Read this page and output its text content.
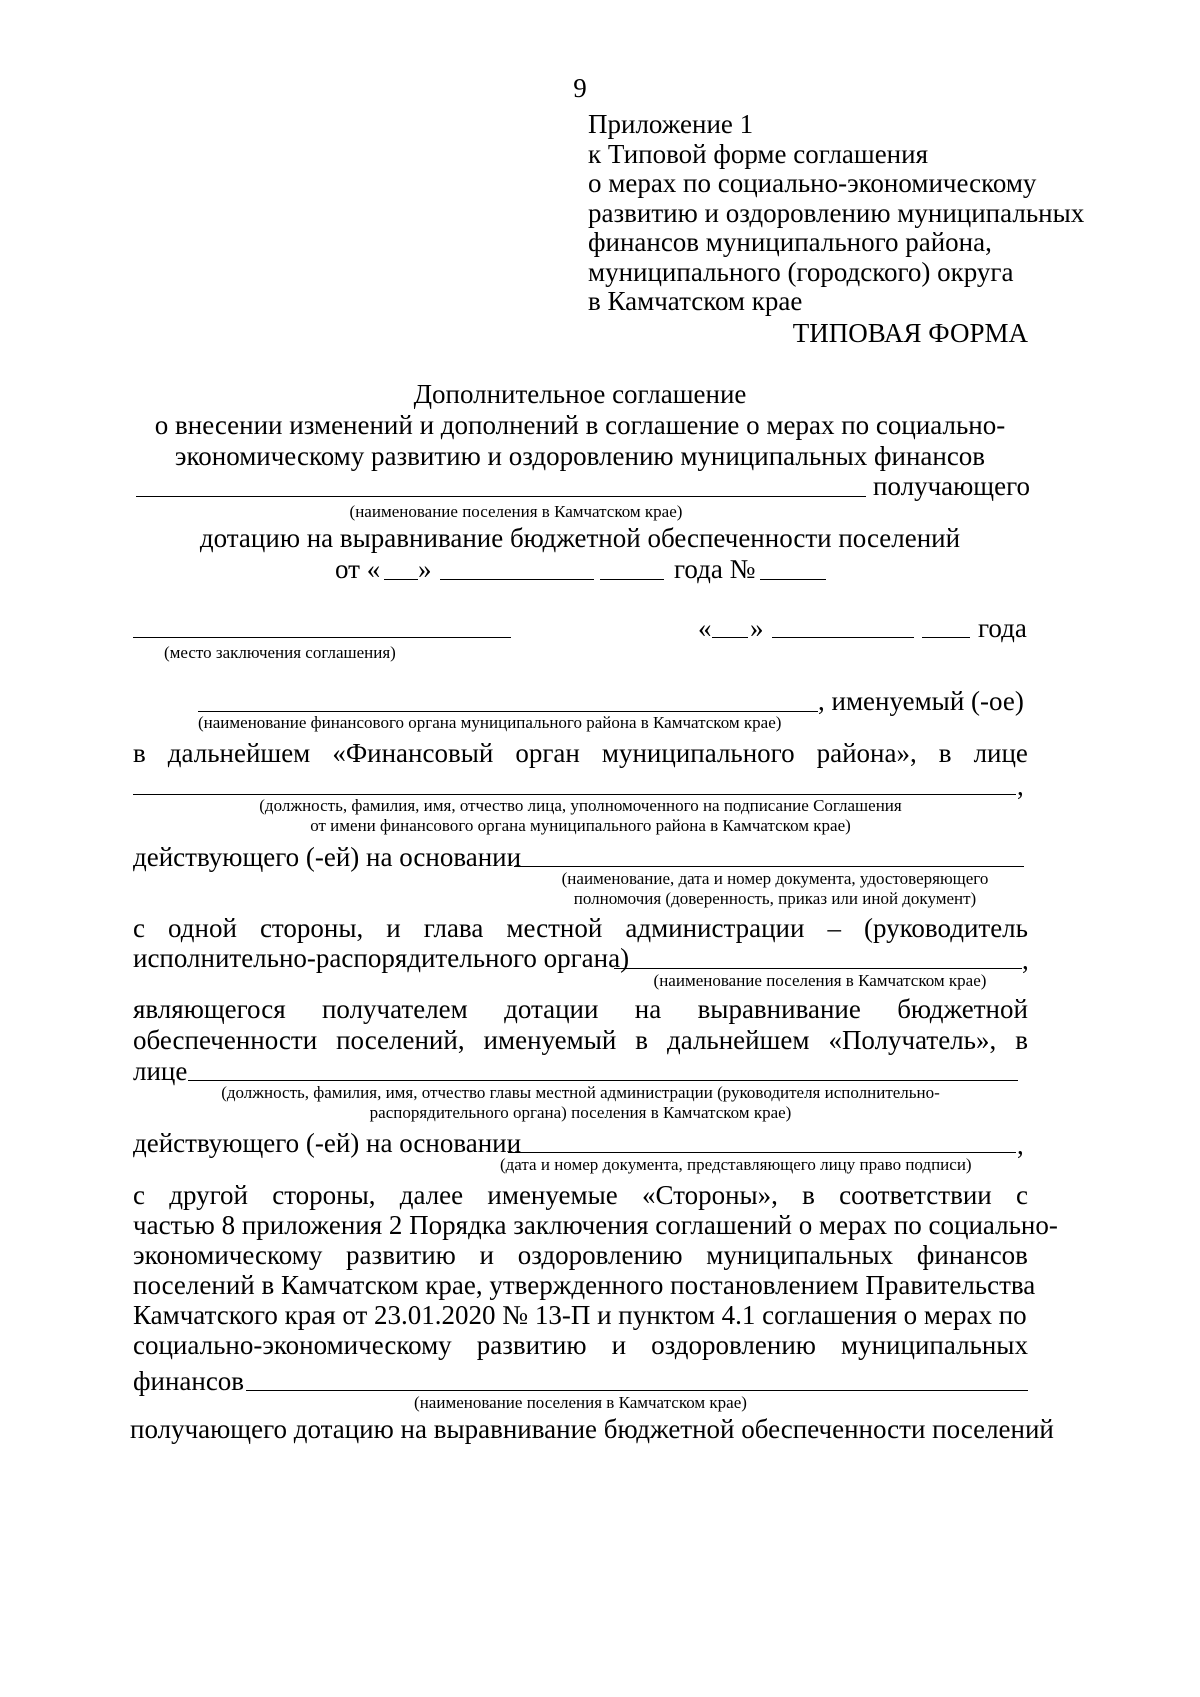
9
Приложение 1
к Типовой форме соглашения
о мерах по социально-экономическому
развитию и оздоровлению муниципальных
финансов муниципального района,
муниципального (городского) округа
в Камчатском крае
ТИПОВАЯ ФОРМА
Дополнительное соглашение
о внесении изменений и дополнений в соглашение о мерах по социально-
экономическому развитию и оздоровлению муниципальных финансов
получающего
(наименование поселения в Камчатском крае)
дотацию на выравнивание бюджетной обеспеченности поселений
от « »	года №
« »	года
(место заключения соглашения)
, именуемый (-ое)
(наименование финансового органа муниципального района в Камчатском крае)
в дальнейшем «Финансовый орган муниципального района», в лице
,
(должность, фамилия, имя, отчество лица, уполномоченного на подписание Соглашения
от имени финансового органа муниципального района в Камчатском крае)
действующего (-ей) на основании
(наименование, дата и номер документа, удостоверяющего
полномочия (доверенность, приказ или иной документ)
с одной стороны, и глава местной администрации – (руководитель
исполнительно-распорядительного органа)	,
(наименование поселения в Камчатском крае)
являющегося получателем дотации на выравнивание бюджетной
обеспеченности поселений, именуемый в дальнейшем «Получатель», в
лице
(должность, фамилия, имя, отчество главы местной администрации (руководителя исполнительно-
распорядительного органа) поселения в Камчатском крае)
действующего (-ей) на основании	,
(дата и номер документа, представляющего лицу право подписи)
с другой стороны, далее именуемые «Стороны», в соответствии с
частью 8 приложения 2 Порядка заключения соглашений о мерах по социально-
экономическому развитию и оздоровлению муниципальных финансов
поселений в Камчатском крае, утвержденного постановлением Правительства
Камчатского края от 23.01.2020 № 13-П и пунктом 4.1 соглашения о мерах по
социально-экономическому развитию и оздоровлению муниципальных
финансов
(наименование поселения в Камчатском крае)
получающего дотацию на выравнивание бюджетной обеспеченности поселений
